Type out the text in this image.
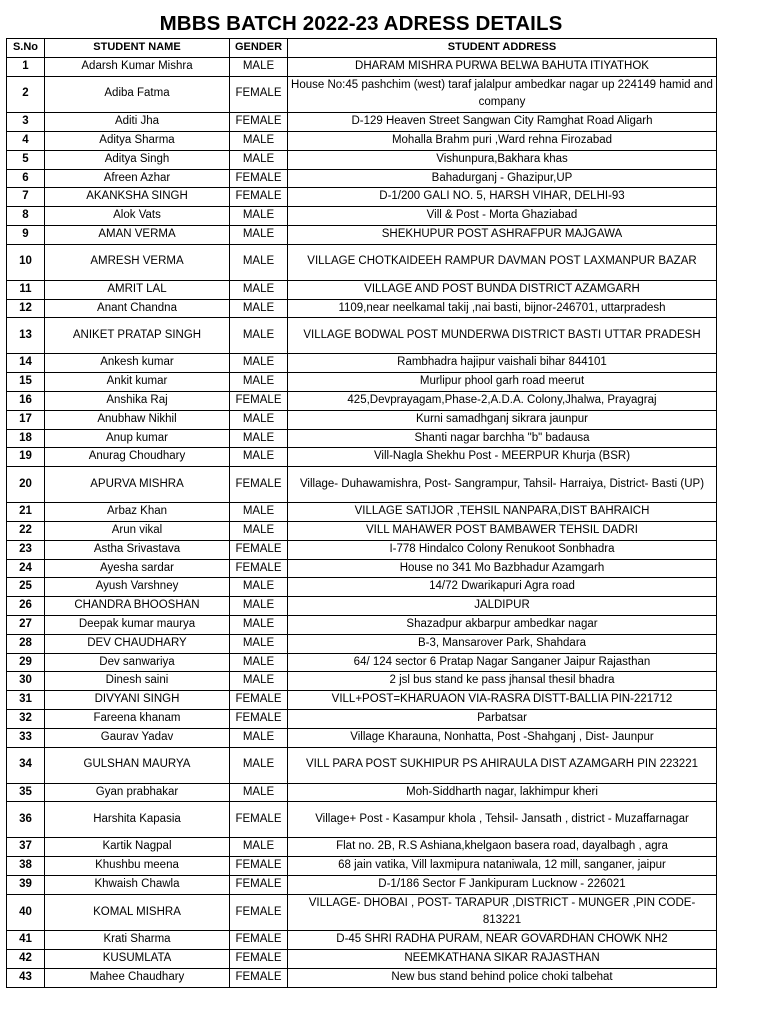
MBBS BATCH 2022-23 ADRESS DETAILS
S.No	STUDENT NAME	GENDER	STUDENT ADDRESS
1	Adarsh Kumar Mishra	MALE	DHARAM MISHRA PURWA BELWA BAHUTA ITIYATHOK
2	Adiba Fatma	FEMALE	House No:45 pashchim (west) taraf jalalpur ambedkar nagar up 224149 hamid and company
3	Aditi Jha	FEMALE	D-129 Heaven Street Sangwan City Ramghat Road Aligarh
4	Aditya Sharma	MALE	Mohalla Brahm puri ,Ward rehna Firozabad
5	Aditya Singh	MALE	Vishunpura,Bakhara khas
6	Afreen Azhar	FEMALE	Bahadurganj - Ghazipur,UP
7	AKANKSHA SINGH	FEMALE	D-1/200 GALI NO. 5, HARSH VIHAR, DELHI-93
8	Alok Vats	MALE	Vill & Post - Morta Ghaziabad
9	AMAN VERMA	MALE	SHEKHUPUR POST ASHRAFPUR MAJGAWA
10	AMRESH VERMA	MALE	VILLAGE CHOTKAIDEEH RAMPUR DAVMAN POST LAXMANPUR BAZAR
11	AMRIT LAL	MALE	VILLAGE AND POST BUNDA DISTRICT AZAMGARH
12	Anant Chandna	MALE	1109,near neelkamal takij ,nai basti, bijnor-246701, uttarpradesh
13	ANIKET PRATAP SINGH	MALE	VILLAGE BODWAL POST MUNDERWA DISTRICT BASTI UTTAR PRADESH
14	Ankesh kumar	MALE	Rambhadra hajipur vaishali bihar 844101
15	Ankit kumar	MALE	Murlipur phool garh road meerut
16	Anshika Raj	FEMALE	425,Devprayagam,Phase-2,A.D.A. Colony,Jhalwa, Prayagraj
17	Anubhaw Nikhil	MALE	Kurni samadhganj sikrara jaunpur
18	Anup kumar	MALE	Shanti nagar barchha "b" badausa
19	Anurag Choudhary	MALE	Vill-Nagla Shekhu Post - MEERPUR Khurja (BSR)
20	APURVA MISHRA	FEMALE	Village- Duhawamishra, Post- Sangrampur, Tahsil- Harraiya, District- Basti (UP)
21	Arbaz Khan	MALE	VILLAGE SATIJOR ,TEHSIL NANPARA,DIST BAHRAICH
22	Arun vikal	MALE	VILL MAHAWER POST BAMBAWER TEHSIL DADRI
23	Astha Srivastava	FEMALE	I-778 Hindalco Colony Renukoot Sonbhadra
24	Ayesha sardar	FEMALE	House no 341 Mo Bazbhadur Azamgarh
25	Ayush Varshney	MALE	14/72 Dwarikapuri Agra road
26	CHANDRA BHOOSHAN	MALE	JALDIPUR
27	Deepak kumar maurya	MALE	Shazadpur akbarpur ambedkar nagar
28	DEV CHAUDHARY	MALE	B-3, Mansarover Park, Shahdara
29	Dev sanwariya	MALE	64/ 124 sector 6 Pratap Nagar Sanganer Jaipur Rajasthan
30	Dinesh saini	MALE	2 jsl bus stand ke pass jhansal thesil bhadra
31	DIVYANI SINGH	FEMALE	VILL+POST=KHARUAON VIA-RASRA DISTT-BALLIA PIN-221712
32	Fareena khanam	FEMALE	Parbatsar
33	Gaurav Yadav	MALE	Village Kharauna, Nonhatta, Post -Shahganj , Dist- Jaunpur
34	GULSHAN MAURYA	MALE	VILL PARA POST SUKHIPUR PS AHIRAULA DIST AZAMGARH PIN 223221
35	Gyan prabhakar	MALE	Moh-Siddharth nagar, lakhimpur kheri
36	Harshita Kapasia	FEMALE	Village+ Post - Kasampur khola , Tehsil- Jansath , district - Muzaffarnagar
37	Kartik Nagpal	MALE	Flat no. 2B, R.S Ashiana,khelgaon basera road, dayalbagh , agra
38	Khushbu meena	FEMALE	68 jain vatika, Vill laxmipura nataniwala, 12 mill, sanganer, jaipur
39	Khwaish Chawla	FEMALE	D-1/186 Sector F Jankipuram Lucknow - 226021
40	KOMAL MISHRA	FEMALE	VILLAGE- DHOBAI , POST- TARAPUR ,DISTRICT - MUNGER ,PIN CODE-813221
41	Krati Sharma	FEMALE	D-45 SHRI RADHA PURAM, NEAR GOVARDHAN CHOWK NH2
42	KUSUMLATA	FEMALE	NEEMKATHANA SIKAR RAJASTHAN
43	Mahee Chaudhary	FEMALE	New bus stand behind police choki talbehat
